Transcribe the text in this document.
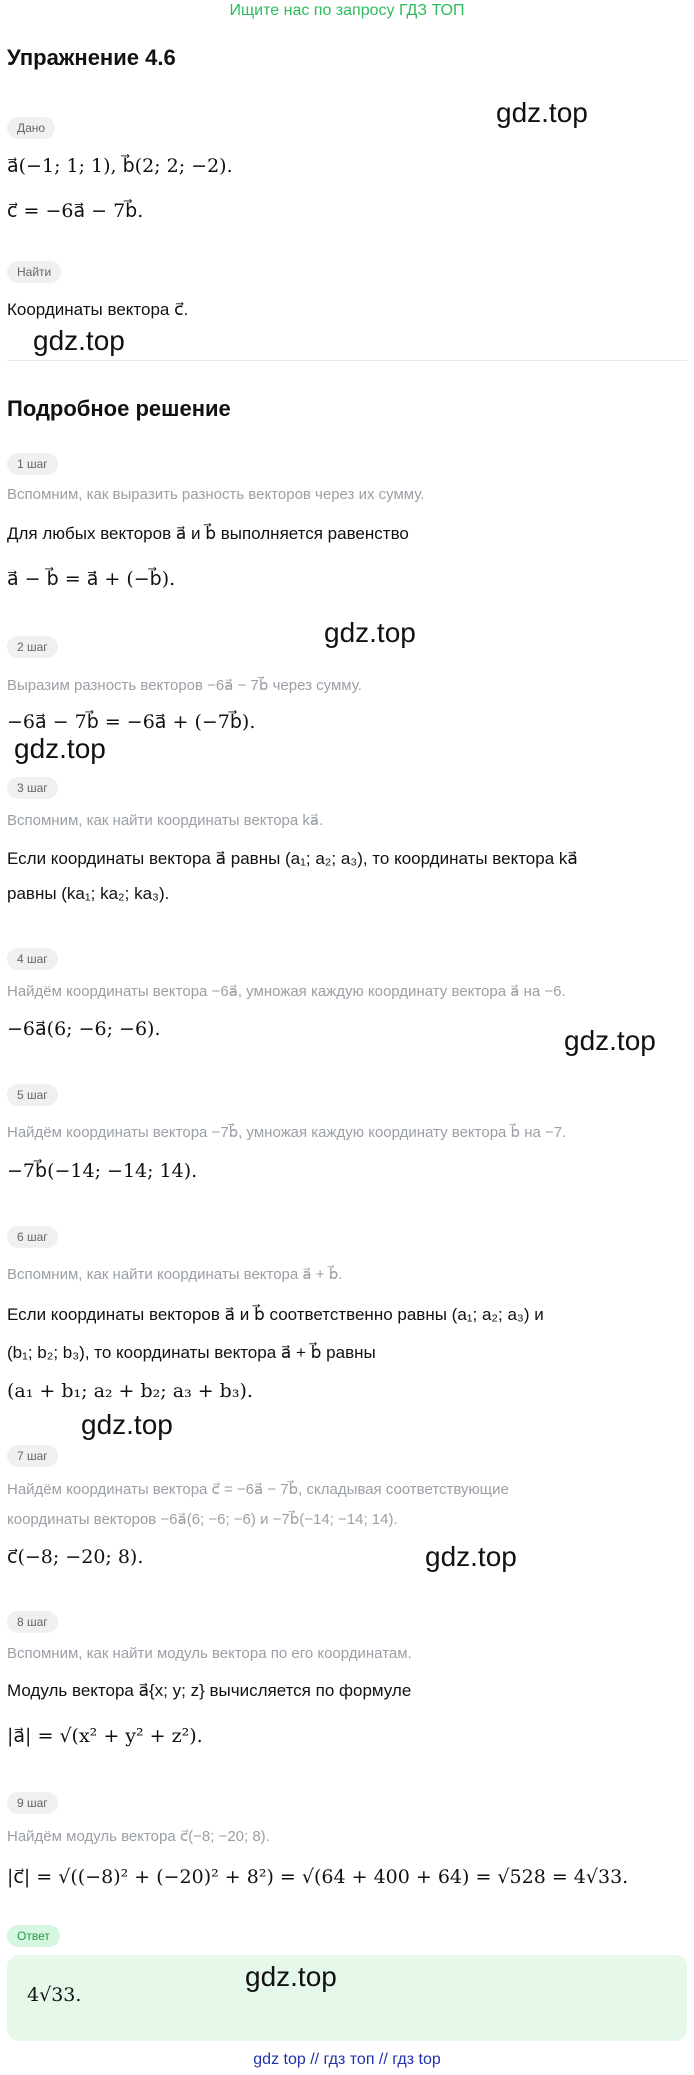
Ищите нас по запросу ГДЗ ТОП
Упражнение 4.6
Дано
a⃗(−1; 1; 1), b⃗(2; 2; −2).
c⃗ = −6a⃗ − 7b⃗.
Найти
Координаты вектора c⃗.
Подробное решение
1 шаг
Вспомним, как выразить разность векторов через их сумму.
Для любых векторов a⃗ и b⃗ выполняется равенство
a⃗ − b⃗ = a⃗ + (−b⃗).
2 шаг
Выразим разность векторов −6a⃗ − 7b⃗ через сумму.
−6a⃗ − 7b⃗ = −6a⃗ + (−7b⃗).
3 шаг
Вспомним, как найти координаты вектора ka⃗.
Если координаты вектора a⃗ равны (a₁; a₂; a₃), то координаты вектора ka⃗
равны (ka₁; ka₂; ka₃).
4 шаг
Найдём координаты вектора −6a⃗, умножая каждую координату вектора a⃗ на −6.
−6a⃗(6; −6; −6).
5 шаг
Найдём координаты вектора −7b⃗, умножая каждую координату вектора b⃗ на −7.
−7b⃗(−14; −14; 14).
6 шаг
Вспомним, как найти координаты вектора a⃗ + b⃗.
Если координаты векторов a⃗ и b⃗ соответственно равны (a₁; a₂; a₃) и
(b₁; b₂; b₃), то координаты вектора a⃗ + b⃗ равны
(a₁ + b₁; a₂ + b₂; a₃ + b₃).
7 шаг
Найдём координаты вектора c⃗ = −6a⃗ − 7b⃗, складывая соответствующие
координаты векторов −6a⃗(6; −6; −6) и −7b⃗(−14; −14; 14).
c⃗(−8; −20; 8).
8 шаг
Вспомним, как найти модуль вектора по его координатам.
Модуль вектора a⃗{x; y; z} вычисляется по формуле
|a⃗| = √(x² + y² + z²).
9 шаг
Найдём модуль вектора c⃗(−8; −20; 8).
|c⃗| = √((−8)² + (−20)² + 8²) = √(64 + 400 + 64) = √528 = 4√33.
Ответ
4√33.
gdz.top
gdz.top
gdz.top
gdz.top
gdz.top
gdz.top
gdz.top
gdz.top
gdz top // гдз топ // гдз top
